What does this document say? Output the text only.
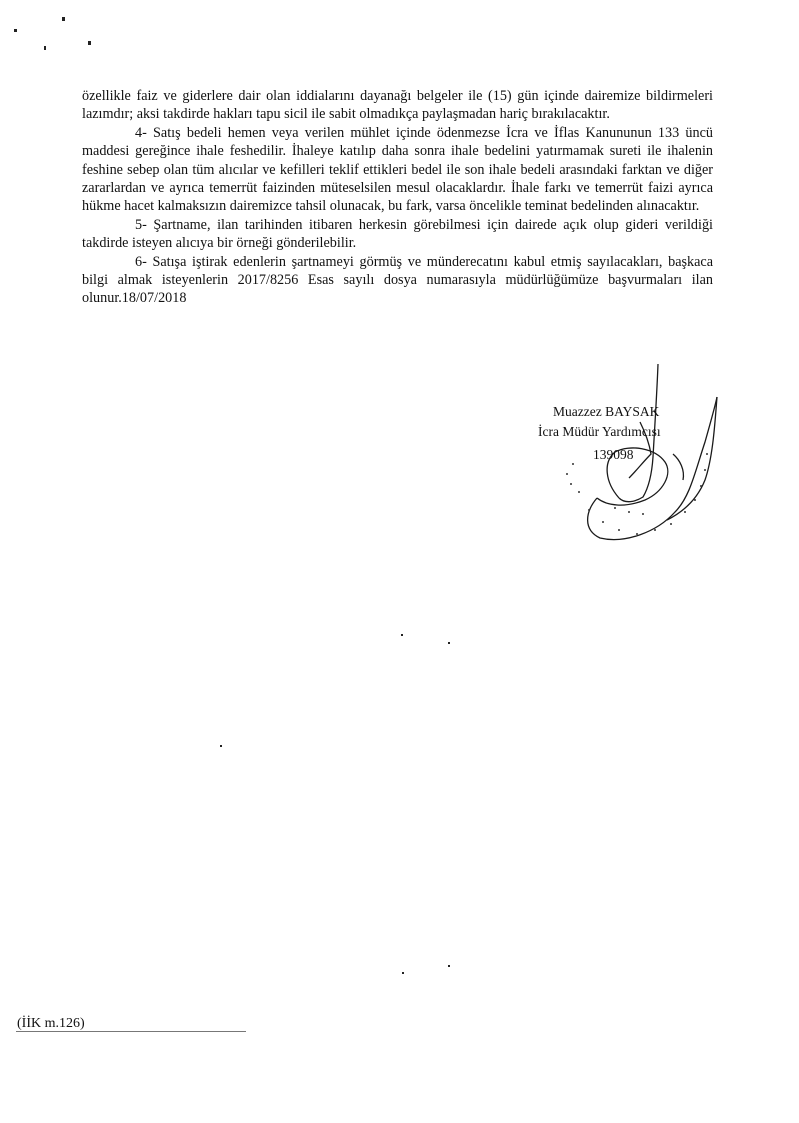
özellikle faiz ve giderlere dair olan iddialarını dayanağı belgeler ile (15) gün içinde dairemize bildirmeleri lazımdır; aksi takdirde hakları tapu sicil ile sabit olmadıkça paylaşmadan hariç bırakılacaktır.

4- Satış bedeli hemen veya verilen mühlet içinde ödenmezse İcra ve İflas Kanununun 133 üncü maddesi gereğince ihale feshedilir. İhaleye katılıp daha sonra ihale bedelini yatırmamak sureti ile ihalenin feshine sebep olan tüm alıcılar ve kefilleri teklif ettikleri bedel ile son ihale bedeli arasındaki farktan ve diğer zararlardan ve ayrıca temerrüt faizinden müteselsilen mesul olacaklardır. İhale farkı ve temerrüt faizi ayrıca hükme hacet kalmaksızın dairemizce tahsil olunacak, bu fark, varsa öncelikle teminat bedelinden alınacaktır.

5- Şartname, ilan tarihinden itibaren herkesin görebilmesi için dairede açık olup gideri verildiği takdirde isteyen alıcıya bir örneği gönderilebilir.

6- Satışa iştirak edenlerin şartnameyi görmüş ve münderecatını kabul etmiş sayılacakları, başkaca bilgi almak isteyenlerin 2017/8256 Esas sayılı dosya numarasıyla müdürlüğümüze başvurmaları ilan olunur.18/07/2018

Muazzez BAYSAK
İcra Müdür Yardımcısı
139098
(İİK m.126)
